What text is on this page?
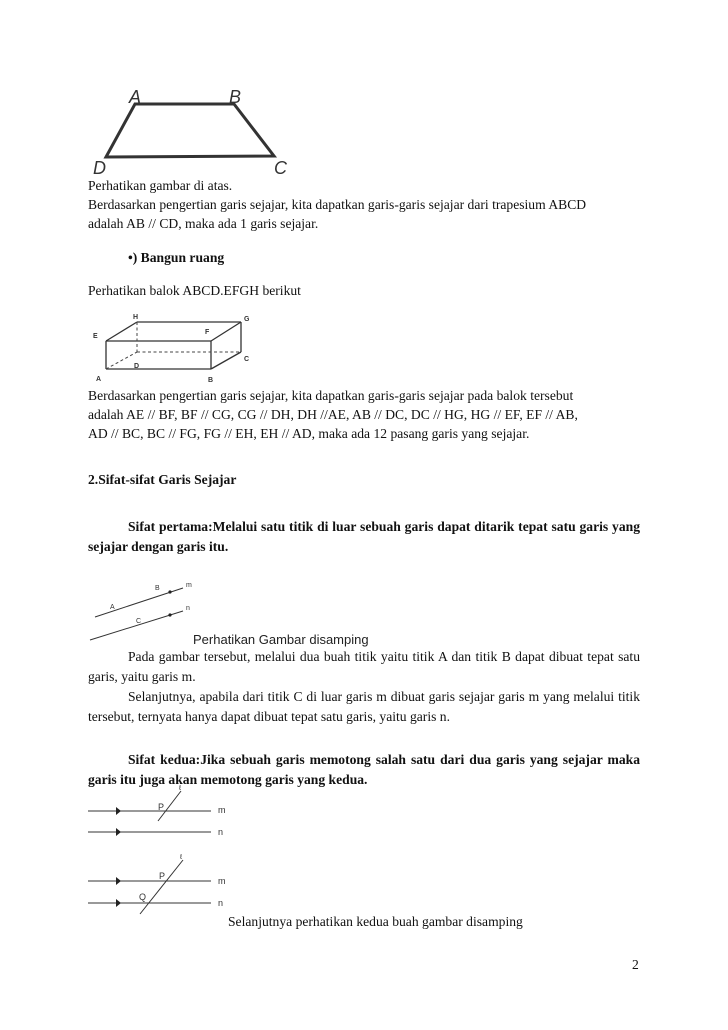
A	B
D	C
Perhatikan gambar di atas.
Berdasarkan pengertian garis sejajar, kita dapatkan garis-garis sejajar dari trapesium ABCD
adalah AB // CD, maka ada 1 garis sejajar.
•) Bangun ruang
Perhatikan balok ABCD.EFGH berikut
A	B
C
D
E
F
G
H
Berdasarkan pengertian garis sejajar, kita dapatkan garis-garis sejajar pada balok tersebut
adalah AE // BF, BF // CG, CG // DH, DH //AE, AB // DC, DC // HG, HG // EF, EF // AB,
AD // BC, BC // FG, FG // EH, EH // AD, maka ada 12 pasang garis yang sejajar.
2.Sifat-sifat Garis Sejajar
Sifat pertama:Melalui satu titik di luar sebuah garis dapat ditarik tepat satu garis yang sejajar dengan garis itu.
A
B
C
m
n
Perhatikan Gambar disamping
Pada gambar tersebut, melalui dua buah titik yaitu titik A dan titik B dapat dibuat tepat satu garis, yaitu garis m.
Selanjutnya, apabila dari titik C di luar garis m dibuat garis sejajar garis m yang melalui titik tersebut, ternyata hanya dapat dibuat tepat satu garis, yaitu garis n.
Sifat kedua:Jika sebuah garis memotong salah satu dari dua garis yang sejajar maka garis itu juga akan memotong garis yang kedua.
ℓ
P	m
n
ℓ
P
Q
m
n
Selanjutnya perhatikan kedua buah gambar disamping
2
